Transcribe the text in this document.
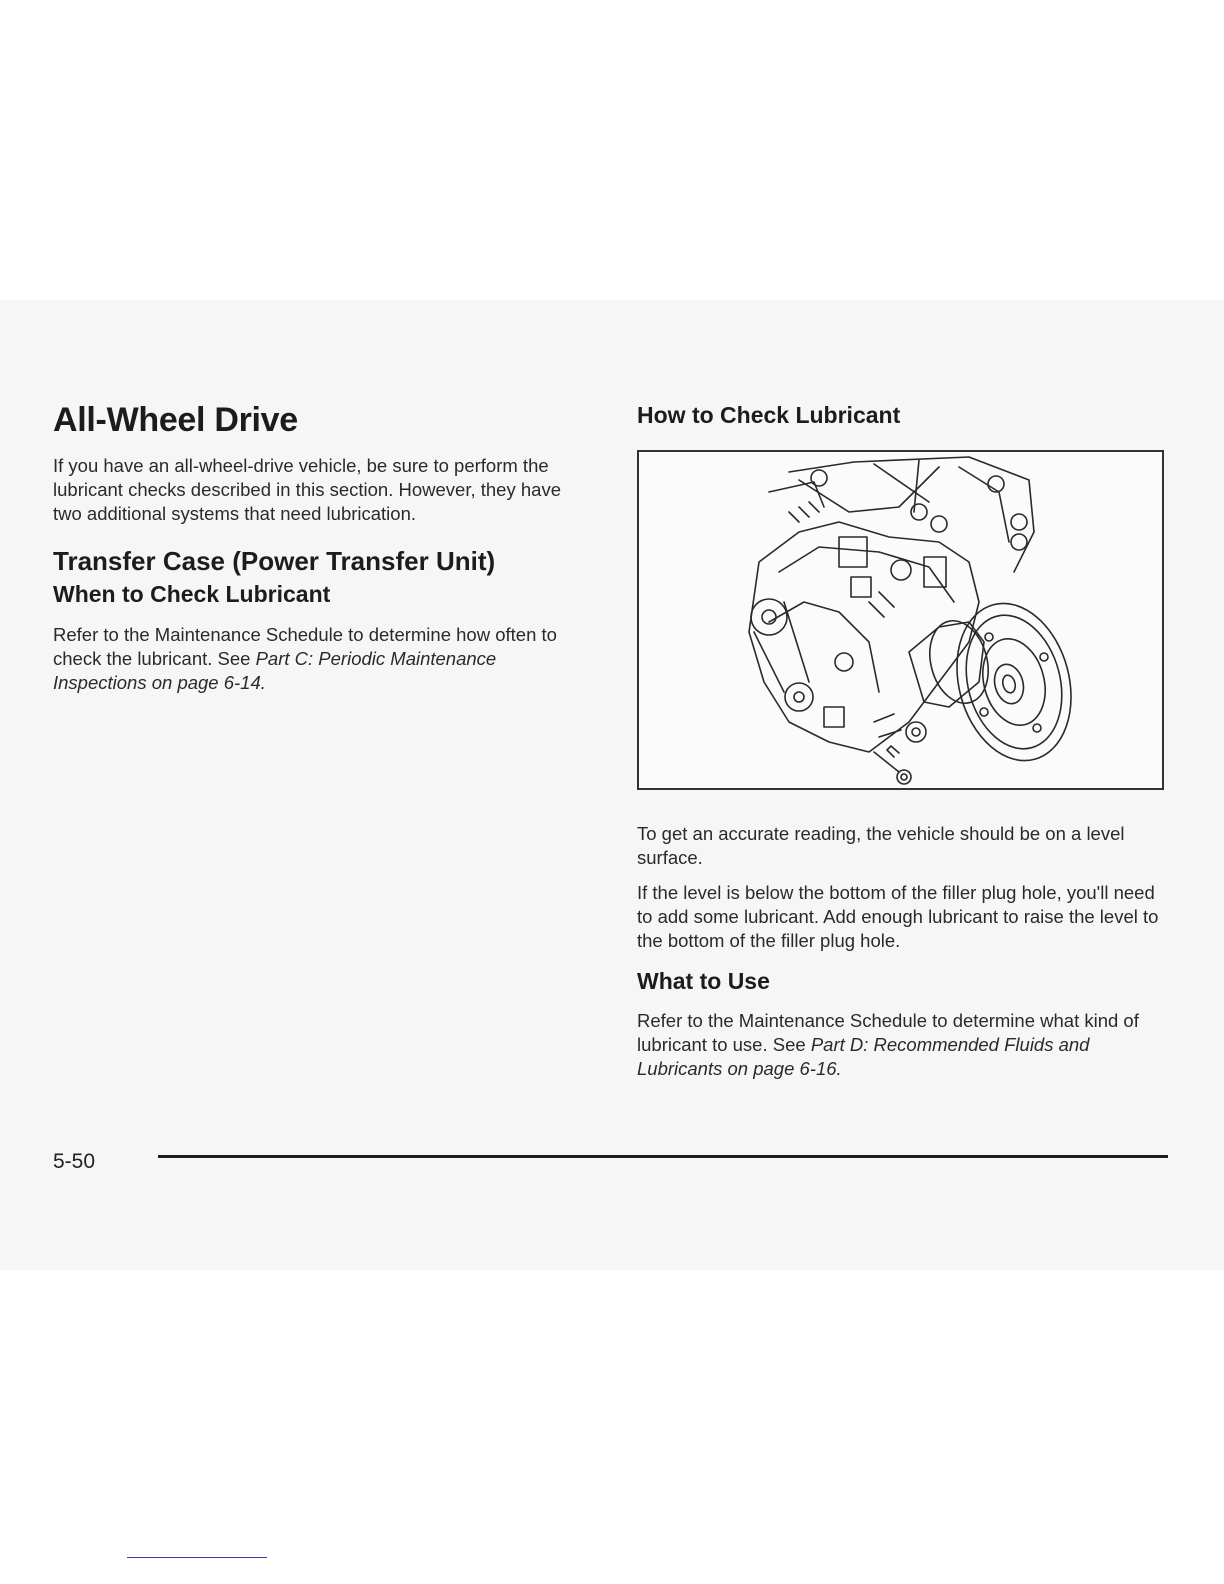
All-Wheel Drive

If you have an all-wheel-drive vehicle, be sure to perform the lubricant checks described in this section. However, they have two additional systems that need lubrication.

Transfer Case (Power Transfer Unit)
When to Check Lubricant

Refer to the Maintenance Schedule to determine how often to check the lubricant. See Part C: Periodic Maintenance Inspections on page 6-14.

How to Check Lubricant

To get an accurate reading, the vehicle should be on a level surface.

If the level is below the bottom of the filler plug hole, you'll need to add some lubricant. Add enough lubricant to raise the level to the bottom of the filler plug hole.

What to Use

Refer to the Maintenance Schedule to determine what kind of lubricant to use. See Part D: Recommended Fluids and Lubricants on page 6-16.

5-50
